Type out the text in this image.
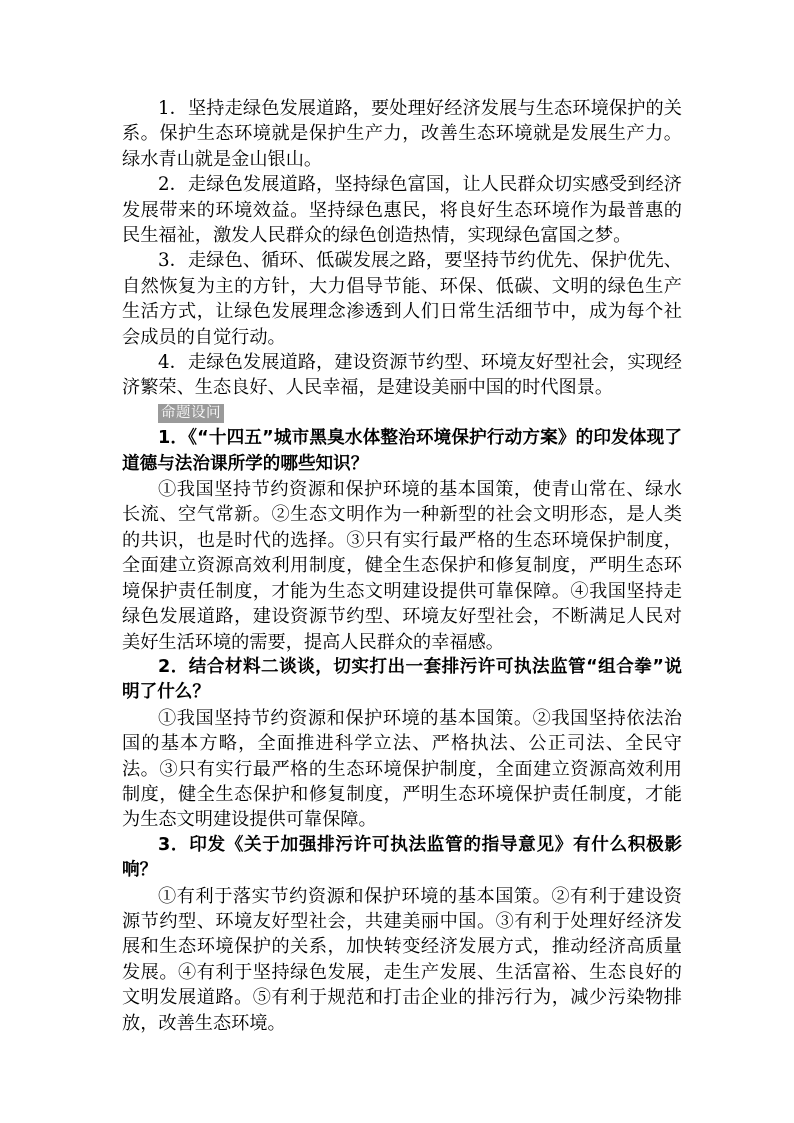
1．坚持走绿色发展道路，要处理好经济发展与生态环境保护的关系。保护生态环境就是保护生产力，改善生态环境就是发展生产力。绿水青山就是金山银山。

2．走绿色发展道路，坚持绿色富国，让人民群众切实感受到经济发展带来的环境效益。坚持绿色惠民，将良好生态环境作为最普惠的民生福祉，激发人民群众的绿色创造热情，实现绿色富国之梦。

3．走绿色、循环、低碳发展之路，要坚持节约优先、保护优先、自然恢复为主的方针，大力倡导节能、环保、低碳、文明的绿色生产生活方式，让绿色发展理念渗透到人们日常生活细节中，成为每个社会成员的自觉行动。

4．走绿色发展道路，建设资源节约型、环境友好型社会，实现经济繁荣、生态良好、人民幸福，是建设美丽中国的时代图景。

命题设问

1．《“十四五”城市黑臭水体整治环境保护行动方案》的印发体现了道德与法治课所学的哪些知识？

①我国坚持节约资源和保护环境的基本国策，使青山常在、绿水长流、空气常新。②生态文明作为一种新型的社会文明形态，是人类的共识，也是时代的选择。③只有实行最严格的生态环境保护制度，全面建立资源高效利用制度，健全生态保护和修复制度，严明生态环境保护责任制度，才能为生态文明建设提供可靠保障。④我国坚持走绿色发展道路，建设资源节约型、环境友好型社会，不断满足人民对美好生活环境的需要，提高人民群众的幸福感。

2．结合材料二谈谈，切实打出一套排污许可执法监管“组合拳”说明了什么？

①我国坚持节约资源和保护环境的基本国策。②我国坚持依法治国的基本方略，全面推进科学立法、严格执法、公正司法、全民守法。③只有实行最严格的生态环境保护制度，全面建立资源高效利用制度，健全生态保护和修复制度，严明生态环境保护责任制度，才能为生态文明建设提供可靠保障。

3．印发《关于加强排污许可执法监管的指导意见》有什么积极影响？

①有利于落实节约资源和保护环境的基本国策。②有利于建设资源节约型、环境友好型社会，共建美丽中国。③有利于处理好经济发展和生态环境保护的关系，加快转变经济发展方式，推动经济高质量发展。④有利于坚持绿色发展，走生产发展、生活富裕、生态良好的文明发展道路。⑤有利于规范和打击企业的排污行为，减少污染物排放，改善生态环境。
